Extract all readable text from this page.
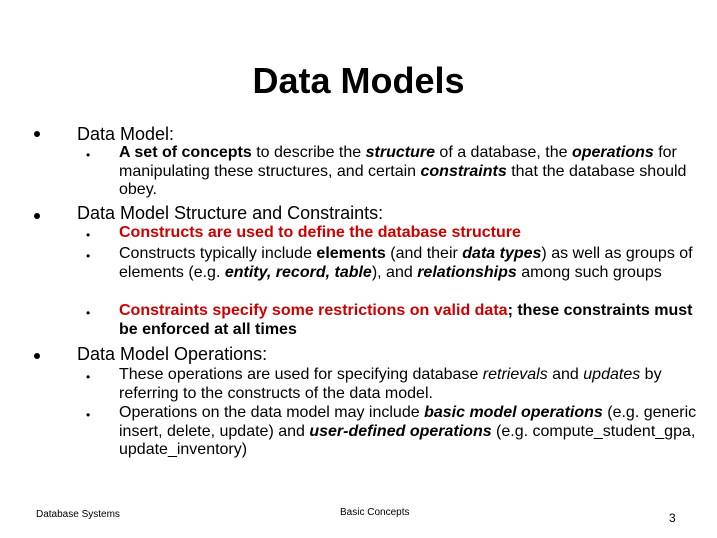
Data Models
Data Model:
• A set of concepts to describe the structure of a database, the operations for manipulating these structures, and certain constraints that the database should obey.
Data Model Structure and Constraints:
• Constructs are used to define the database structure
• Constructs typically include elements (and their data types) as well as groups of elements (e.g. entity, record, table), and relationships among such groups
• Constraints specify some restrictions on valid data; these constraints must be enforced at all times
Data Model Operations:
• These operations are used for specifying database retrievals and updates by referring to the constructs of the data model.
• Operations on the data model may include basic model operations (e.g. generic insert, delete, update) and user-defined operations (e.g. compute_student_gpa, update_inventory)
Database Systems	Basic Concepts	3
